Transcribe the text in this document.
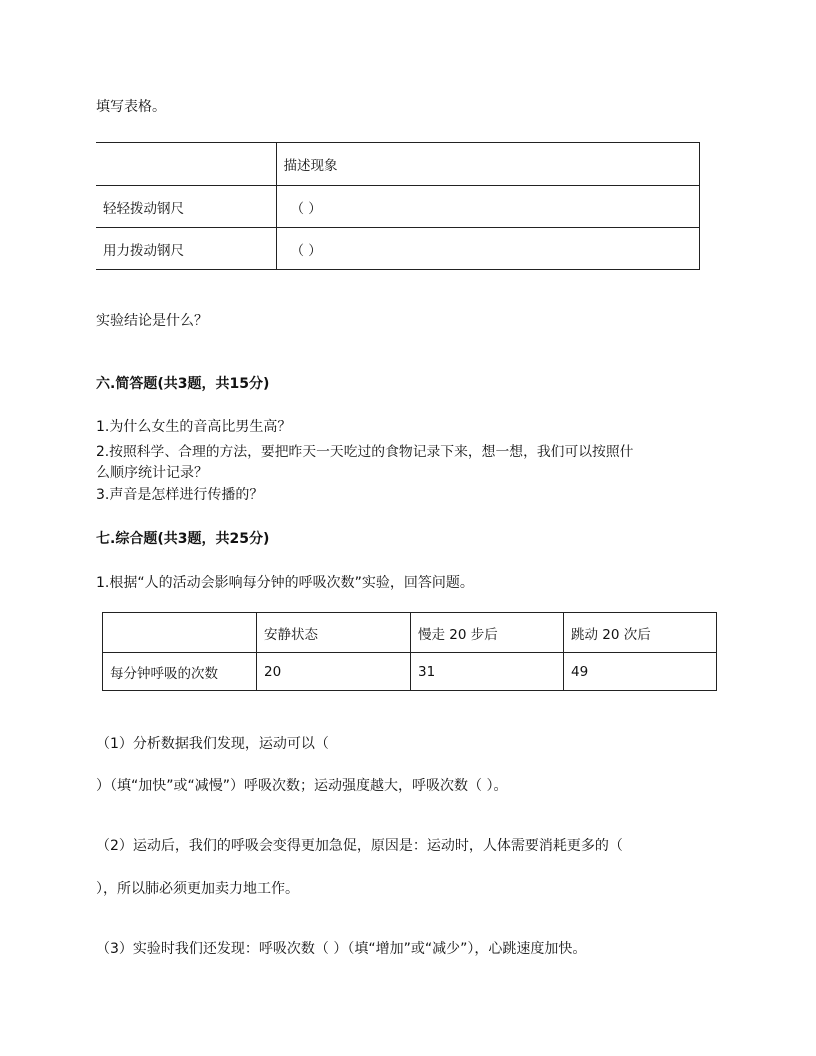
填写表格。
	描述现象
轻轻拨动钢尺	（ ）
用力拨动钢尺	（ ）
实验结论是什么？
六.简答题(共3题，共15分)
1.为什么女生的音高比男生高？
2.按照科学、合理的方法，要把昨天一天吃过的食物记录下来，想一想，我们可以按照什
么顺序统计记录？
3.声音是怎样进行传播的？
七.综合题(共3题，共25分)
1.根据“人的活动会影响每分钟的呼吸次数”实验，回答问题。
	安静状态	慢走 20 步后	跳动 20 次后
每分钟呼吸的次数	20	31	49
（1）分析数据我们发现，运动可以（
）（填“加快”或“减慢”）呼吸次数；运动强度越大，呼吸次数（ ）。
（2）运动后，我们的呼吸会变得更加急促，原因是：运动时，人体需要消耗更多的（
），所以肺必须更加卖力地工作。
（3）实验时我们还发现：呼吸次数（ ）（填“增加”或“减少”），心跳速度加快。
